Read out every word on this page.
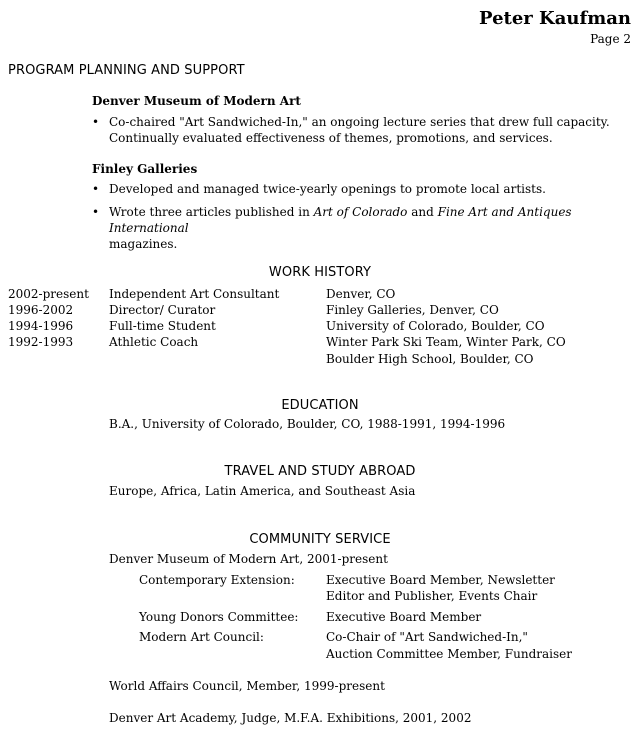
Peter Kaufman
Page 2
PROGRAM PLANNING AND SUPPORT
Denver Museum of Modern Art
• Co-chaired "Art Sandwiched-In," an ongoing lecture series that drew full capacity.
Continually evaluated effectiveness of themes, promotions, and services.
Finley Galleries
• Developed and managed twice-yearly openings to promote local artists.
• Wrote three articles published in Art of Colorado and Fine Art and Antiques International
magazines.
WORK HISTORY
2002-present Independent Art Consultant	Denver, CO
1996-2002	Director/ Curator	Finley Galleries, Denver, CO
1994-1996	Full-time Student	University of Colorado, Boulder, CO
1992-1993	Athletic Coach	Winter Park Ski Team, Winter Park, CO
Boulder High School, Boulder, CO
EDUCATION
B.A., University of Colorado, Boulder, CO, 1988-1991, 1994-1996
TRAVEL AND STUDY ABROAD
Europe, Africa, Latin America, and Southeast Asia
COMMUNITY SERVICE
Denver Museum of Modern Art, 2001-present
Contemporary Extension:	Executive Board Member, Newsletter
Editor and Publisher, Events Chair
Young Donors Committee: Executive Board Member
Modern Art Council:	Co-Chair of "Art Sandwiched-In,"
Auction Committee Member, Fundraiser
World Affairs Council, Member, 1999-present
Denver Art Academy, Judge, M.F.A. Exhibitions, 2001, 2002
